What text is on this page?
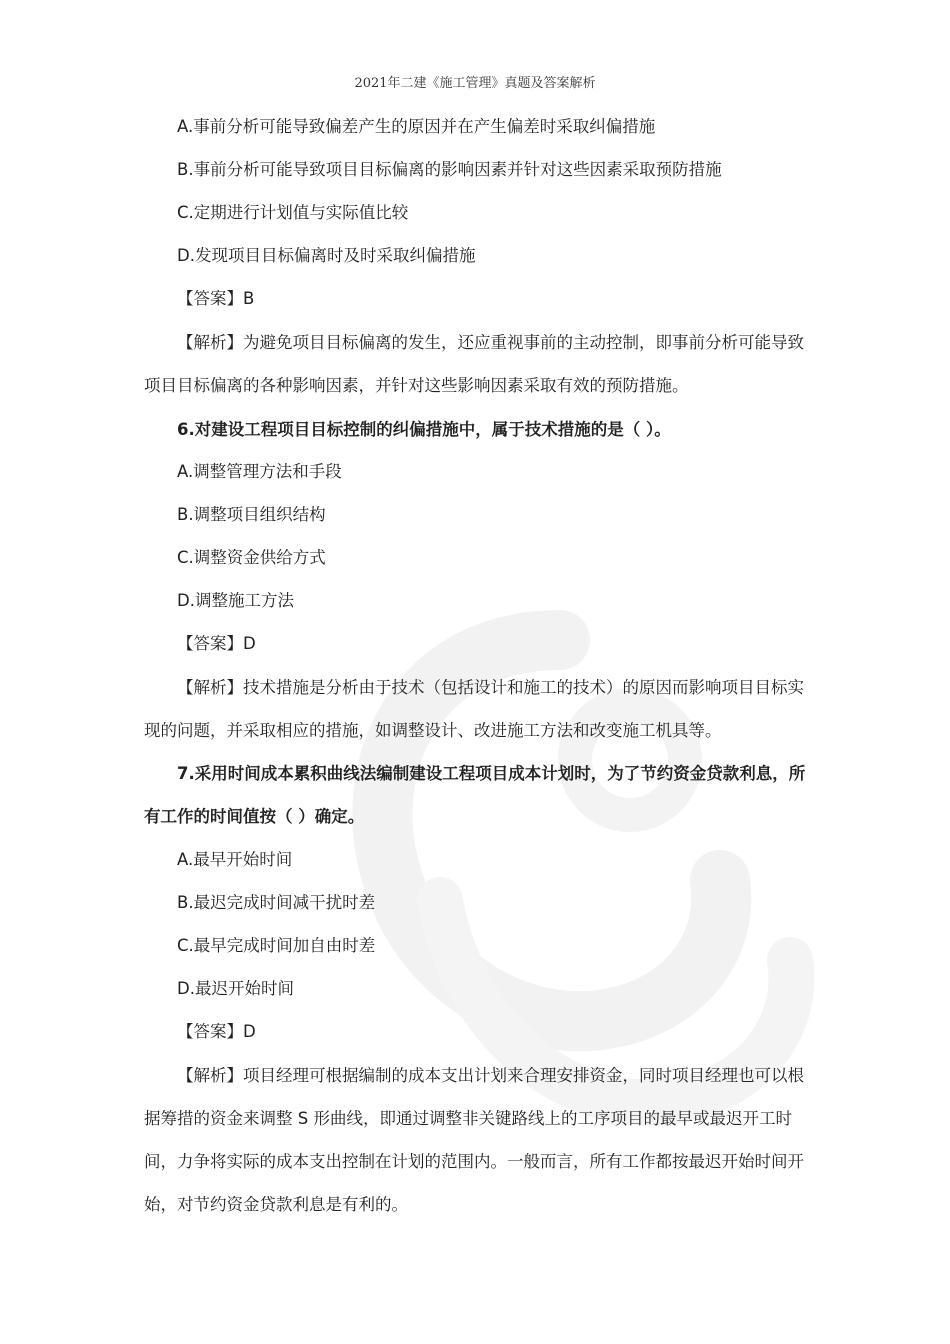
2021年二建《施工管理》真题及答案解析

A.事前分析可能导致偏差产生的原因并在产生偏差时采取纠偏措施

B.事前分析可能导致项目目标偏离的影响因素并针对这些因素采取预防措施

C.定期进行计划值与实际值比较

D.发现项目目标偏离时及时采取纠偏措施

【答案】B

【解析】为避免项目目标偏离的发生，还应重视事前的主动控制，即事前分析可能导致

项目目标偏离的各种影响因素，并针对这些影响因素采取有效的预防措施。

6.对建设工程项目目标控制的纠偏措施中，属于技术措施的是（ ）。

A.调整管理方法和手段

B.调整项目组织结构

C.调整资金供给方式

D.调整施工方法

【答案】D

【解析】技术措施是分析由于技术（包括设计和施工的技术）的原因而影响项目目标实

现的问题，并采取相应的措施，如调整设计、改进施工方法和改变施工机具等。

7.采用时间成本累积曲线法编制建设工程项目成本计划时，为了节约资金贷款利息，所

有工作的时间值按（ ）确定。

A.最早开始时间

B.最迟完成时间减干扰时差

C.最早完成时间加自由时差

D.最迟开始时间

【答案】D

【解析】项目经理可根据编制的成本支出计划来合理安排资金，同时项目经理也可以根

据筹措的资金来调整 S 形曲线，即通过调整非关键路线上的工序项目的最早或最迟开工时

间，力争将实际的成本支出控制在计划的范围内。一般而言，所有工作都按最迟开始时间开

始，对节约资金贷款利息是有利的。
